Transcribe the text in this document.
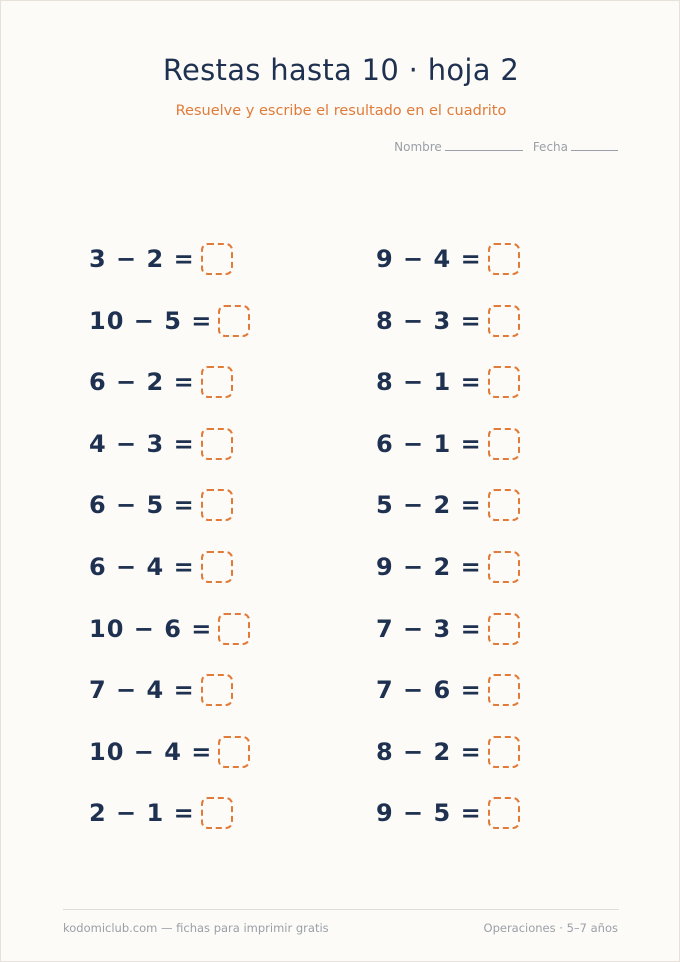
Restas hasta 10 · hoja 2
Resuelve y escribe el resultado en el cuadrito
Nombre	Fecha
3 − 2 =
10 − 5 =
6 − 2 =
4 − 3 =
6 − 5 =
6 − 4 =
10 − 6 =
7 − 4 =
10 − 4 =
2 − 1 =
9 − 4 =
8 − 3 =
8 − 1 =
6 − 1 =
5 − 2 =
9 − 2 =
7 − 3 =
7 − 6 =
8 − 2 =
9 − 5 =
kodomiclub.com — fichas para imprimir gratis	Operaciones · 5–7 años
